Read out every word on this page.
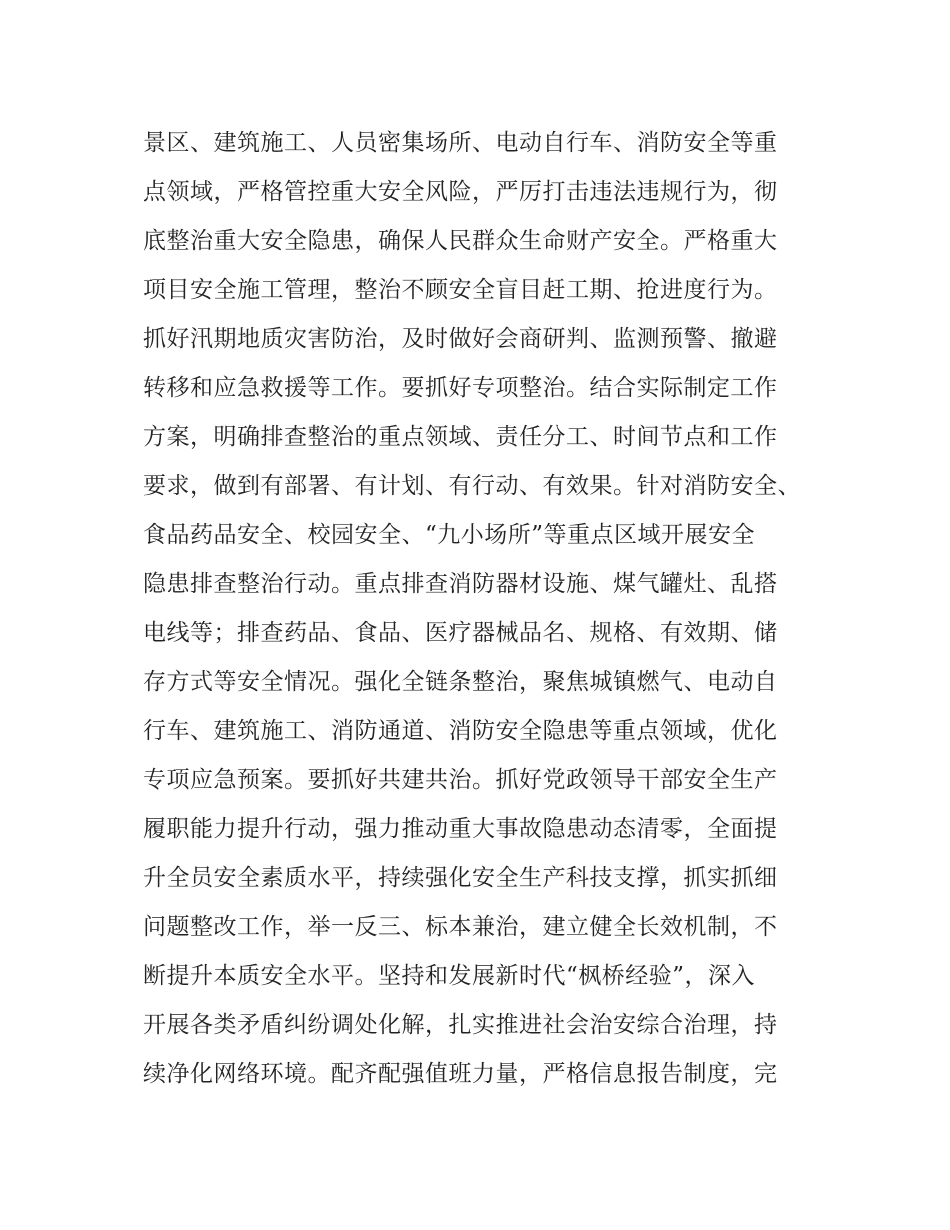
景区、建筑施工、人员密集场所、电动自行车、消防安全等重
点领域，严格管控重大安全风险，严厉打击违法违规行为，彻
底整治重大安全隐患，确保人民群众生命财产安全。严格重大
项目安全施工管理，整治不顾安全盲目赶工期、抢进度行为。
抓好汛期地质灾害防治，及时做好会商研判、监测预警、撤避
转移和应急救援等工作。要抓好专项整治。结合实际制定工作
方案，明确排查整治的重点领域、责任分工、时间节点和工作
要求，做到有部署、有计划、有行动、有效果。针对消防安全、
食品药品安全、校园安全、“九小场所”等重点区域开展安全
隐患排查整治行动。重点排查消防器材设施、煤气罐灶、乱搭
电线等；排查药品、食品、医疗器械品名、规格、有效期、储
存方式等安全情况。强化全链条整治，聚焦城镇燃气、电动自
行车、建筑施工、消防通道、消防安全隐患等重点领域，优化
专项应急预案。要抓好共建共治。抓好党政领导干部安全生产
履职能力提升行动，强力推动重大事故隐患动态清零，全面提
升全员安全素质水平，持续强化安全生产科技支撑，抓实抓细
问题整改工作，举一反三、标本兼治，建立健全长效机制，不
断提升本质安全水平。坚持和发展新时代“枫桥经验”，深入
开展各类矛盾纠纷调处化解，扎实推进社会治安综合治理，持
续净化网络环境。配齐配强值班力量，严格信息报告制度，完
